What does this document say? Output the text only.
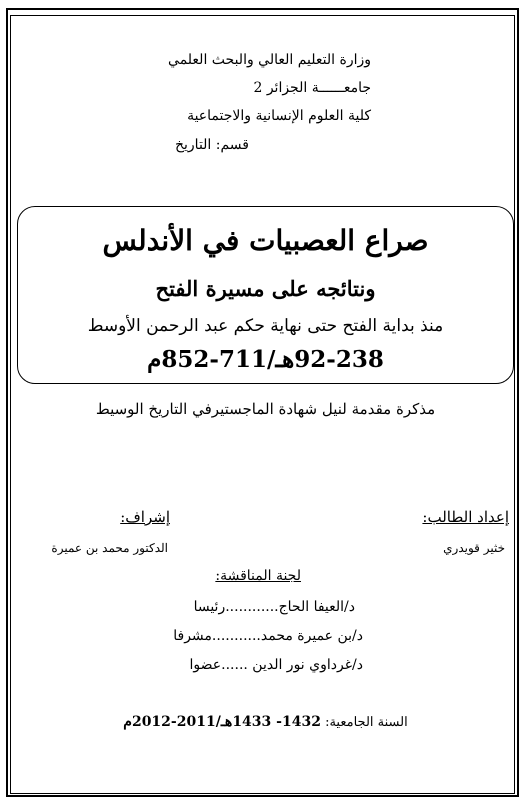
وزارة التعليم العالي والبحث العلمي
جامعــــــة الجزائر 2
كلية العلوم الإنسانية والاجتماعية
قسم: التاريخ
صراع العصبيات في الأندلس
ونتائجه على مسيرة الفتح
منذ بداية الفتح حتى نهاية حكم عبد الرحمن الأوسط
92-238هـ/711-852م
مذكرة مقدمة لنيل شهادة الماجستيرفي التاريخ الوسيط
إعداد الطالب:
خثير قويدري
إشراف:
الدكتور محمد بن عميرة
لجنة المناقشة:
د/العيفا الحاج............رئيسا
د/بن عميرة محمد...........مشرفا
د/غرداوي نور الدين ......عضوا
السنة الجامعية: 1432- 1433هـ/2011-2012م
